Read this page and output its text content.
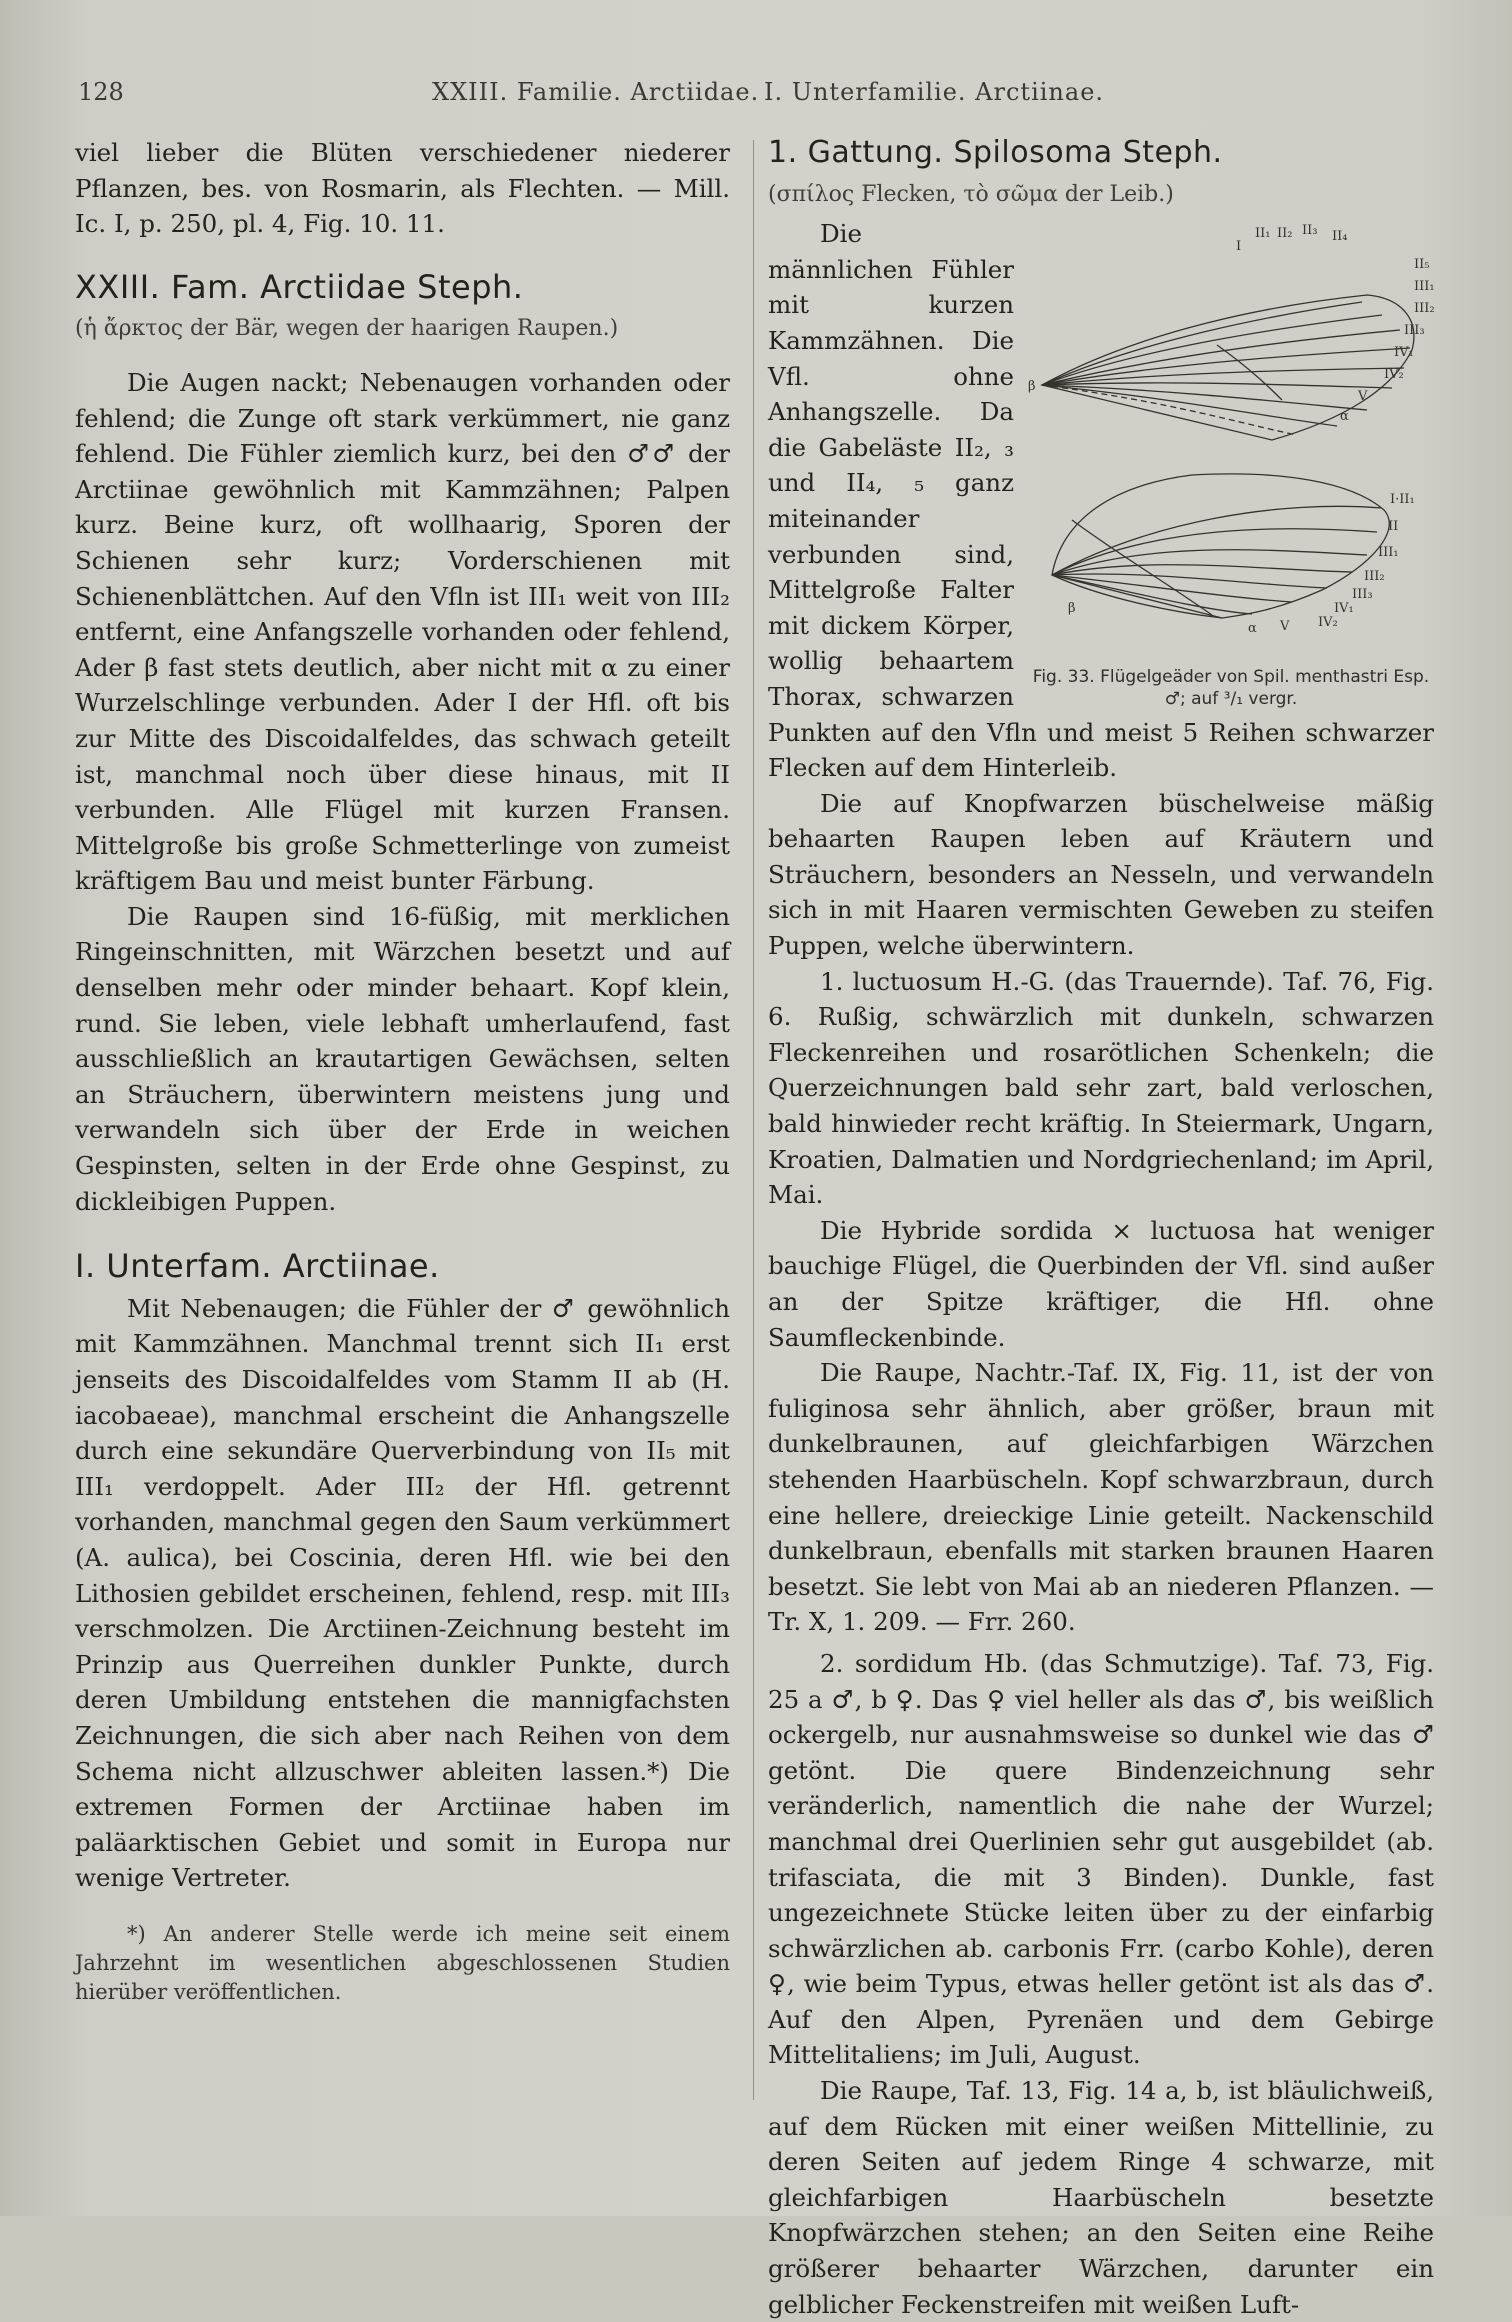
128	XXIII. Familie. Arctiidae. I. Unterfamilie. Arctiinae.

viel lieber die Blüten verschiedener niederer Pflanzen, bes. von Rosmarin, als Flechten. — Mill. Ic. I, p. 250, pl. 4, Fig. 10. 11.

XXIII. Fam. Arctiidae Steph.

(ἡ ἄρκτος der Bär, wegen der haarigen Raupen.)

Die Augen nackt; Nebenaugen vorhanden oder fehlend; die Zunge oft stark verkümmert, nie ganz fehlend. Die Fühler ziemlich kurz, bei den ♂♂ der Arctiinae gewöhnlich mit Kammzähnen; Palpen kurz. Beine kurz, oft wollhaarig, Sporen der Schienen sehr kurz; Vorderschienen mit Schienenblättchen. Auf den Vfln ist III₁ weit von III₂ entfernt, eine Anfangszelle vorhanden oder fehlend, Ader β fast stets deutlich, aber nicht mit α zu einer Wurzelschlinge verbunden. Ader I der Hfl. oft bis zur Mitte des Discoidalfeldes, das schwach geteilt ist, manchmal noch über diese hinaus, mit II verbunden. Alle Flügel mit kurzen Fransen. Mittelgroße bis große Schmetterlinge von zumeist kräftigem Bau und meist bunter Färbung.

Die Raupen sind 16-füßig, mit merklichen Ringeinschnitten, mit Wärzchen besetzt und auf denselben mehr oder minder behaart. Kopf klein, rund. Sie leben, viele lebhaft umherlaufend, fast ausschließlich an krautartigen Gewächsen, selten an Sträuchern, überwintern meistens jung und verwandeln sich über der Erde in weichen Gespinsten, selten in der Erde ohne Gespinst, zu dickleibigen Puppen.

I. Unterfam. Arctiinae.

Mit Nebenaugen; die Fühler der ♂ gewöhnlich mit Kammzähnen. Manchmal trennt sich II₁ erst jenseits des Discoidalfeldes vom Stamm II ab (H. iacobaeae), manchmal erscheint die Anhangszelle durch eine sekundäre Querverbindung von II₅ mit III₁ verdoppelt. Ader III₂ der Hfl. getrennt vorhanden, manchmal gegen den Saum verkümmert (A. aulica), bei Coscinia, deren Hfl. wie bei den Lithosien gebildet erscheinen, fehlend, resp. mit III₃ verschmolzen. Die Arctiinen-Zeichnung besteht im Prinzip aus Querreihen dunkler Punkte, durch deren Umbildung entstehen die mannigfachsten Zeichnungen, die sich aber nach Reihen von dem Schema nicht allzuschwer ableiten lassen.*) Die extremen Formen der Arctiinae haben im paläarktischen Gebiet und somit in Europa nur wenige Vertreter.

*) An anderer Stelle werde ich meine seit einem Jahrzehnt im wesentlichen abgeschlossenen Studien hierüber veröffentlichen.

1. Gattung. Spilosoma Steph.

(σπίλος Flecken, τὸ σῶμα der Leib.)

II₁ II₂ II₃ II₄
I
II₅
III₁
III₂
III₃
IV₁
IV₂
V
α
β
I·II₁
II
III₁
III₂
III₃
IV₁
IV₂
V
α
β
Fig. 33. Flügelgeäder von Spil. menthastri Esp. ♂; auf ³/₁ vergr.

Die männlichen Fühler mit kurzen Kammzähnen. Die Vfl. ohne Anhangszelle. Da die Gabeläste II₂, ₃ und II₄, ₅ ganz miteinander verbunden sind, Mittelgroße Falter mit dickem Körper, wollig behaartem Thorax, schwarzen Punkten auf den Vfln und meist 5 Reihen schwarzer Flecken auf dem Hinterleib.

Die auf Knopfwarzen büschelweise mäßig behaarten Raupen leben auf Kräutern und Sträuchern, besonders an Nesseln, und verwandeln sich in mit Haaren vermischten Geweben zu steifen Puppen, welche überwintern.

1. luctuosum H.-G. (das Trauernde). Taf. 76, Fig. 6. Rußig, schwärzlich mit dunkeln, schwarzen Fleckenreihen und rosarötlichen Schenkeln; die Querzeichnungen bald sehr zart, bald verloschen, bald hinwieder recht kräftig. In Steiermark, Ungarn, Kroatien, Dalmatien und Nordgriechenland; im April, Mai.

Die Hybride sordida × luctuosa hat weniger bauchige Flügel, die Querbinden der Vfl. sind außer an der Spitze kräftiger, die Hfl. ohne Saumfleckenbinde.

Die Raupe, Nachtr.-Taf. IX, Fig. 11, ist der von fuliginosa sehr ähnlich, aber größer, braun mit dunkelbraunen, auf gleichfarbigen Wärzchen stehenden Haarbüscheln. Kopf schwarzbraun, durch eine hellere, dreieckige Linie geteilt. Nackenschild dunkelbraun, ebenfalls mit starken braunen Haaren besetzt. Sie lebt von Mai ab an niederen Pflanzen. — Tr. X, 1. 209. — Frr. 260.

2. sordidum Hb. (das Schmutzige). Taf. 73, Fig. 25 a ♂, b ♀. Das ♀ viel heller als das ♂, bis weißlich ockergelb, nur ausnahmsweise so dunkel wie das ♂ getönt. Die quere Bindenzeichnung sehr veränderlich, namentlich die nahe der Wurzel; manchmal drei Querlinien sehr gut ausgebildet (ab. trifasciata, die mit 3 Binden). Dunkle, fast ungezeichnete Stücke leiten über zu der einfarbig schwärzlichen ab. carbonis Frr. (carbo Kohle), deren ♀, wie beim Typus, etwas heller getönt ist als das ♂. Auf den Alpen, Pyrenäen und dem Gebirge Mittelitaliens; im Juli, August.

Die Raupe, Taf. 13, Fig. 14 a, b, ist bläulichweiß, auf dem Rücken mit einer weißen Mittellinie, zu deren Seiten auf jedem Ringe 4 schwarze, mit gleichfarbigen Haarbüscheln besetzte Knopfwärzchen stehen; an den Seiten eine Reihe größerer behaarter Wärzchen, darunter ein gelblicher Feckenstreifen mit weißen Luft-
